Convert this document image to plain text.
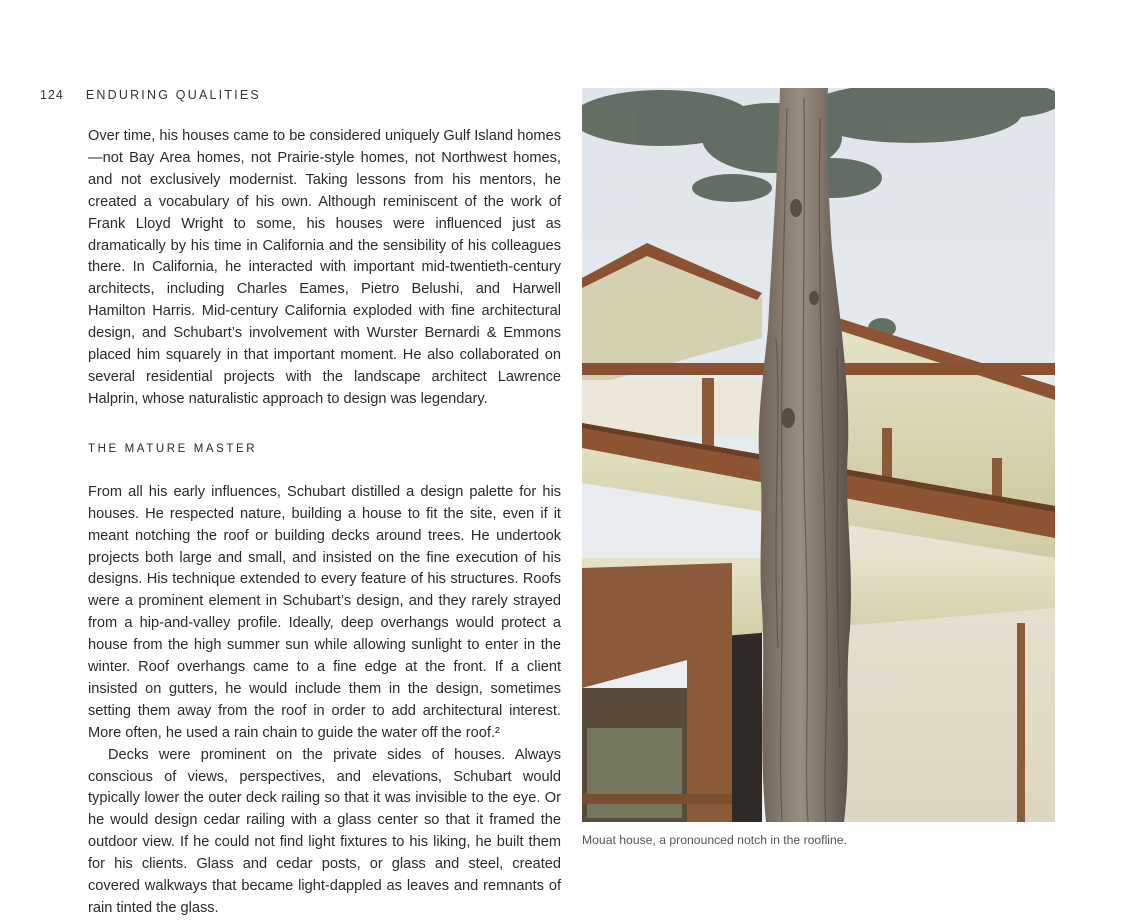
124 ENDURING QUALITIES

Over time, his houses came to be considered uniquely Gulf Island homes—not Bay Area homes, not Prairie-style homes, not Northwest homes, and not exclusively modernist. Taking lessons from his mentors, he created a vocabulary of his own. Although reminiscent of the work of Frank Lloyd Wright to some, his houses were influenced just as dramatically by his time in California and the sensibility of his colleagues there. In California, he interacted with important mid-twentieth-century architects, including Charles Eames, Pietro Belushi, and Harwell Hamilton Harris. Mid-century California exploded with fine architectural design, and Schubart’s involvement with Wurster Bernardi & Emmons placed him squarely in that important moment. He also collaborated on several residential projects with the landscape architect Lawrence Halprin, whose naturalistic approach to design was legendary.

THE MATURE MASTER

From all his early influences, Schubart distilled a design palette for his houses. He respected nature, building a house to fit the site, even if it meant notching the roof or building decks around trees. He undertook projects both large and small, and insisted on the fine execution of his designs. His technique extended to every feature of his structures. Roofs were a prominent element in Schubart’s design, and they rarely strayed from a hip-and-valley profile. Ideally, deep overhangs would protect a house from the high summer sun while allowing sunlight to enter in the winter. Roof overhangs came to a fine edge at the front. If a client insisted on gutters, he would include them in the design, sometimes setting them away from the roof in order to add architectural interest. More often, he used a rain chain to guide the water off the roof.²

Decks were prominent on the private sides of houses. Always conscious of views, perspectives, and elevations, Schubart would typically lower the outer deck railing so that it was invisible to the eye. Or he would design cedar railing with a glass center so that it framed the outdoor view. If he could not find light fixtures to his liking, he built them for his clients. Glass and cedar posts, or glass and steel, created covered walkways that became light-dappled as leaves and remnants of rain tinted the glass.

Mouat house, a pronounced notch in the roofline.
